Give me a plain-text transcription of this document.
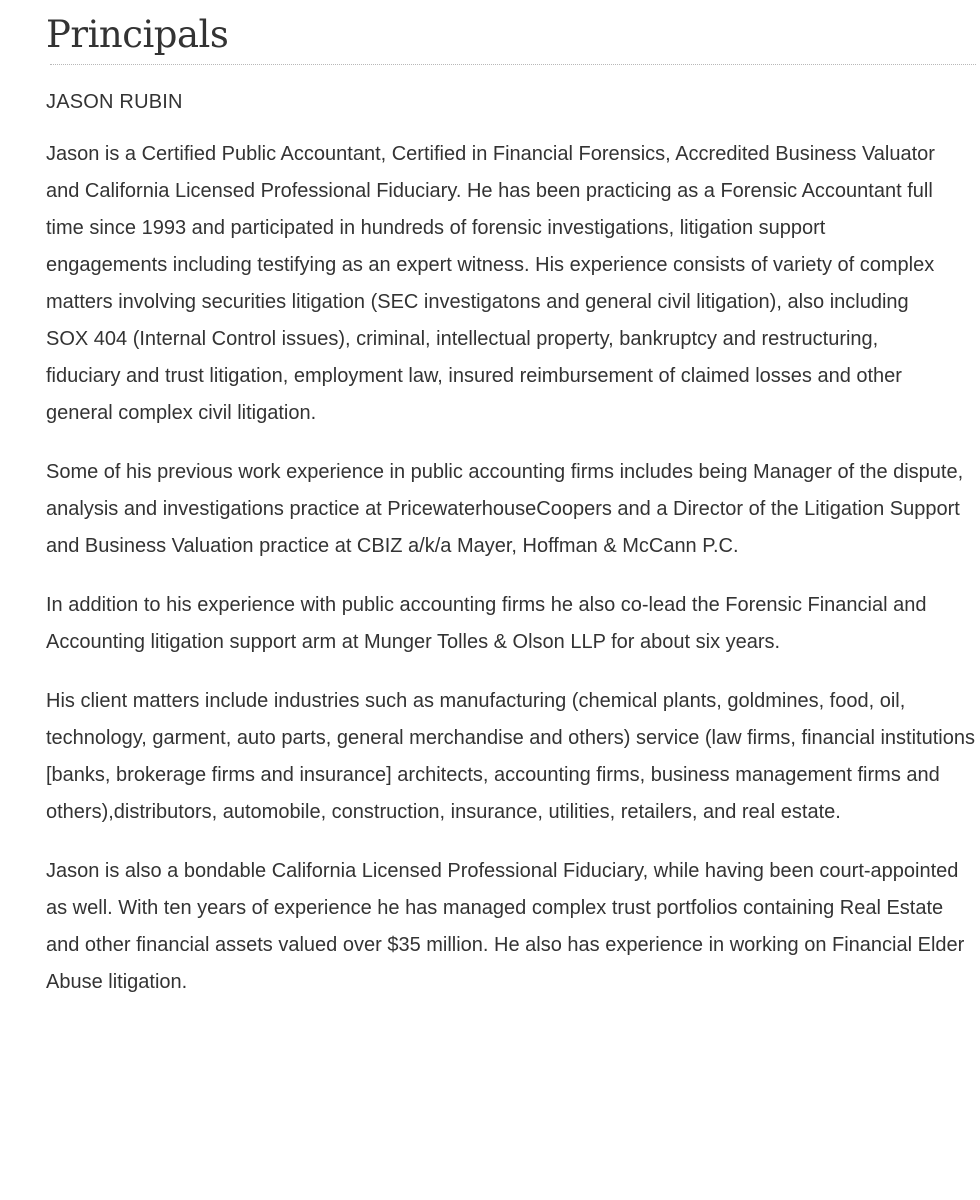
Principals
JASON RUBIN

Jason is a Certified Public Accountant, Certified in Financial Forensics, Accredited Business Valuator and California Licensed Professional Fiduciary. He has been practicing as a Forensic Accountant full time since 1993 and participated in hundreds of forensic investigations, litigation support engagements including testifying as an expert witness. His experience consists of variety of complex matters involving securities litigation (SEC investigatons and general civil litigation), also including SOX 404 (Internal Control issues), criminal, intellectual property, bankruptcy and restructuring, fiduciary and trust litigation, employment law, insured reimbursement of claimed losses and other general complex civil litigation.

Some of his previous work experience in public accounting firms includes being Manager of the dispute, analysis and investigations practice at PricewaterhouseCoopers and a Director of the Litigation Support and Business Valuation practice at CBIZ a/k/a Mayer, Hoffman & McCann P.C.

In addition to his experience with public accounting firms he also co-lead the Forensic Financial and Accounting litigation support arm at Munger Tolles & Olson LLP for about six years.

His client matters include industries such as manufacturing (chemical plants, goldmines, food, oil, technology, garment, auto parts, general merchandise and others) service (law firms, financial institutions [banks, brokerage firms and insurance] architects, accounting firms, business management firms and others),distributors, automobile, construction, insurance, utilities, retailers, and real estate.

Jason is also a bondable California Licensed Professional Fiduciary, while having been court-appointed as well. With ten years of experience he has managed complex trust portfolios containing Real Estate and other financial assets valued over $35 million. He also has experience in working on Financial Elder Abuse litigation.
